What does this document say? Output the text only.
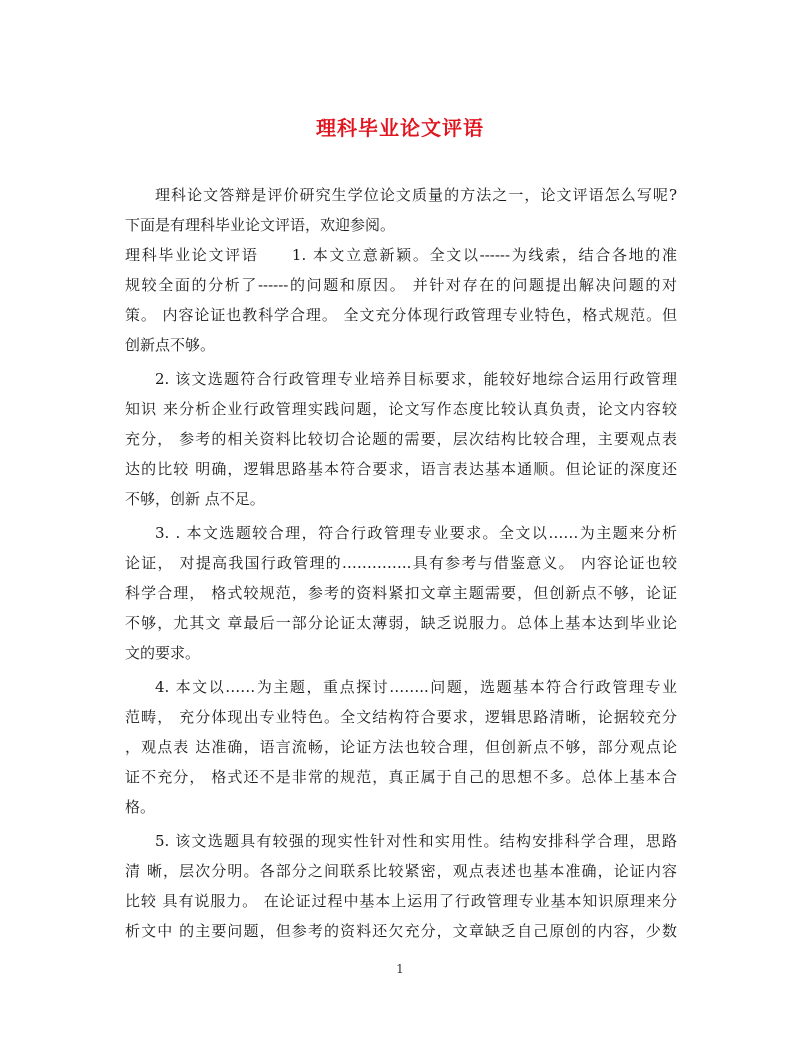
理科毕业论文评语
理科论文答辩是评价研究生学位论文质量的方法之一，论文评语怎么写呢?
下面是有理科毕业论文评语，欢迎参阅。
理科毕业论文评语　　1. 本文立意新颖。全文以------为线索，结合各地的准
规较全面的分析了------的问题和原因。 并针对存在的问题提出解决问题的对
策。 内容论证也教科学合理。 全文充分体现行政管理专业特色，格式规范。但
创新点不够。
2. 该文选题符合行政管理专业培养目标要求，能较好地综合运用行政管理
知识 来分析企业行政管理实践问题，论文写作态度比较认真负责，论文内容较
充分， 参考的相关资料比较切合论题的需要，层次结构比较合理，主要观点表
达的比较 明确，逻辑思路基本符合要求，语言表达基本通顺。但论证的深度还
不够，创新 点不足。
3. . 本文选题较合理，符合行政管理专业要求。全文以……为主题来分析
论证， 对提高我国行政管理的…………..具有参考与借鉴意义。 内容论证也较
科学合理， 格式较规范，参考的资料紧扣文章主题需要，但创新点不够，论证
不够，尤其文 章最后一部分论证太薄弱，缺乏说服力。总体上基本达到毕业论
文的要求。
4. 本文以……为主题，重点探讨……..问题，选题基本符合行政管理专业
范畴， 充分体现出专业特色。全文结构符合要求，逻辑思路清晰，论据较充分
，观点表 达准确，语言流畅，论证方法也较合理，但创新点不够，部分观点论
证不充分， 格式还不是非常的规范，真正属于自己的思想不多。总体上基本合
格。
5. 该文选题具有较强的现实性针对性和实用性。结构安排科学合理，思路
清 晰，层次分明。各部分之间联系比较紧密，观点表述也基本准确，论证内容
比较 具有说服力。 在论证过程中基本上运用了行政管理专业基本知识原理来分
析文中 的主要问题，但参考的资料还欠充分，文章缺乏自己原创的内容，少数
1
